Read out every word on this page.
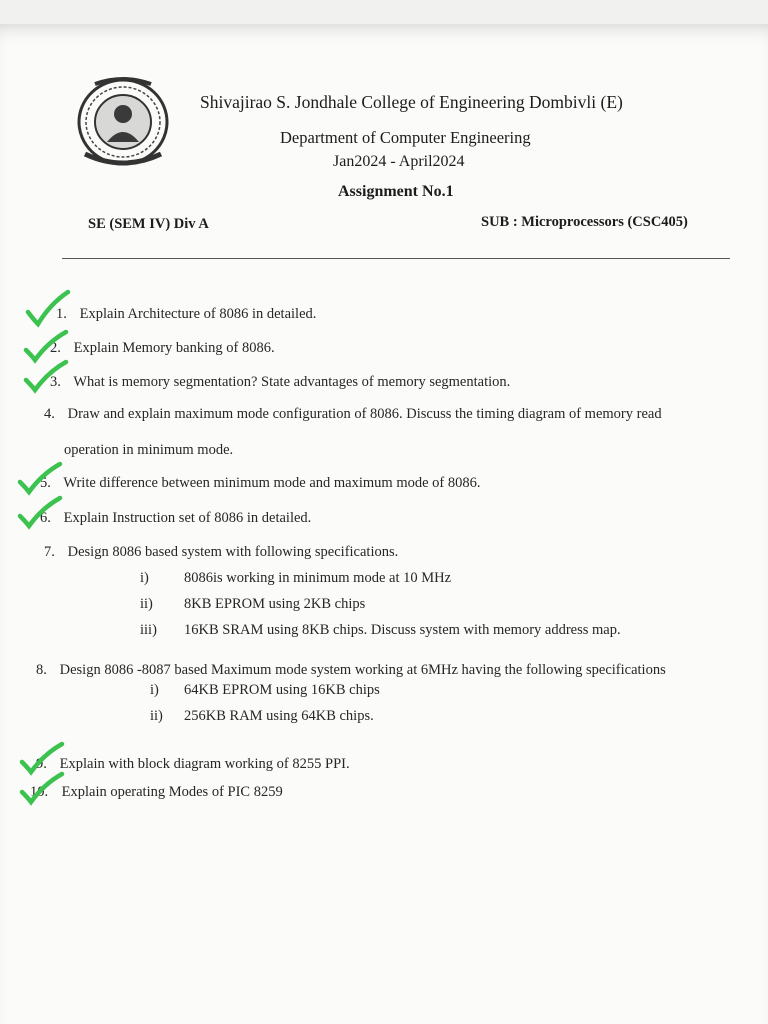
Shivajirao S. Jondhale College of Engineering Dombivli (E)
Department of Computer Engineering
Jan2024 - April2024
Assignment No.1
SE (SEM IV) Div A	SUB : Microprocessors (CSC405)
1. Explain Architecture of 8086 in detailed.
2. Explain Memory banking of 8086.
3. What is memory segmentation? State advantages of memory segmentation.
4. Draw and explain maximum mode configuration of 8086. Discuss the timing diagram of memory read
operation in minimum mode.
5. Write difference between minimum mode and maximum mode of 8086.
6. Explain Instruction set of 8086 in detailed.
7. Design 8086 based system with following specifications.
i) 8086is working in minimum mode at 10 MHz
ii) 8KB EPROM using 2KB chips
iii) 16KB SRAM using 8KB chips. Discuss system with memory address map.
8. Design 8086 -8087 based Maximum mode system working at 6MHz having the following specifications
i) 64KB EPROM using 16KB chips
ii) 256KB RAM using 64KB chips.
9. Explain with block diagram working of 8255 PPI.
10. Explain operating Modes of PIC 8259
